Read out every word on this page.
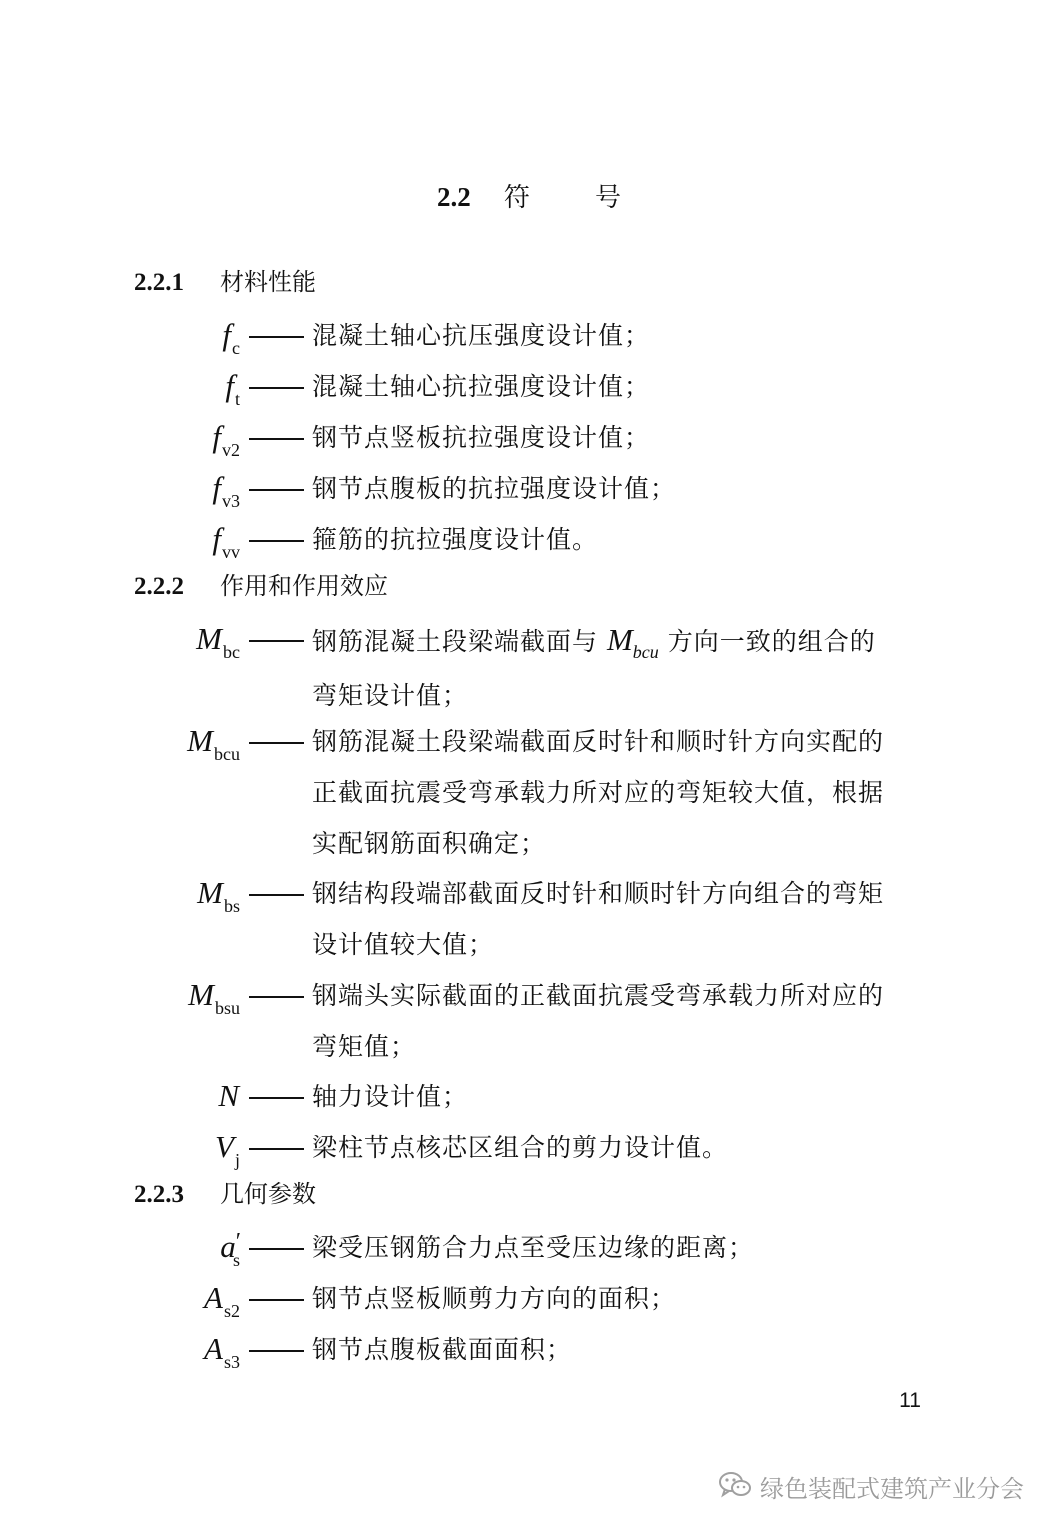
2.2 符	号
2.2.1 材料性能
$f_c$	混凝土轴心抗压强度设计值；
$f_t$	混凝土轴心抗拉强度设计值；
$f_{v2}$	钢节点竖板抗拉强度设计值；
$f_{v3}$	钢节点腹板的抗拉强度设计值；
$f_{vv}$	箍筋的抗拉强度设计值。
2.2.2 作用和作用效应
$M_{bc}$	钢筋混凝土段梁端截面与 $M_{bcu}$ 方向一致的组合的
弯矩设计值；
$M_{bcu}$	钢筋混凝土段梁端截面反时针和顺时针方向实配的
正截面抗震受弯承载力所对应的弯矩较大值，根据
实配钢筋面积确定；
$M_{bs}$	钢结构段端部截面反时针和顺时针方向组合的弯矩
设计值较大值；
$M_{bsu}$	钢端头实际截面的正截面抗震受弯承载力所对应的
弯矩值；
N	轴力设计值；
$V_j$	梁柱节点核芯区组合的剪力设计值。
2.2.3 几何参数
$a'_s$	梁受压钢筋合力点至受压边缘的距离；
$A_{s2}$	钢节点竖板顺剪力方向的面积；
$A_{s3}$	钢节点腹板截面面积；
11
绿色装配式建筑产业分会
